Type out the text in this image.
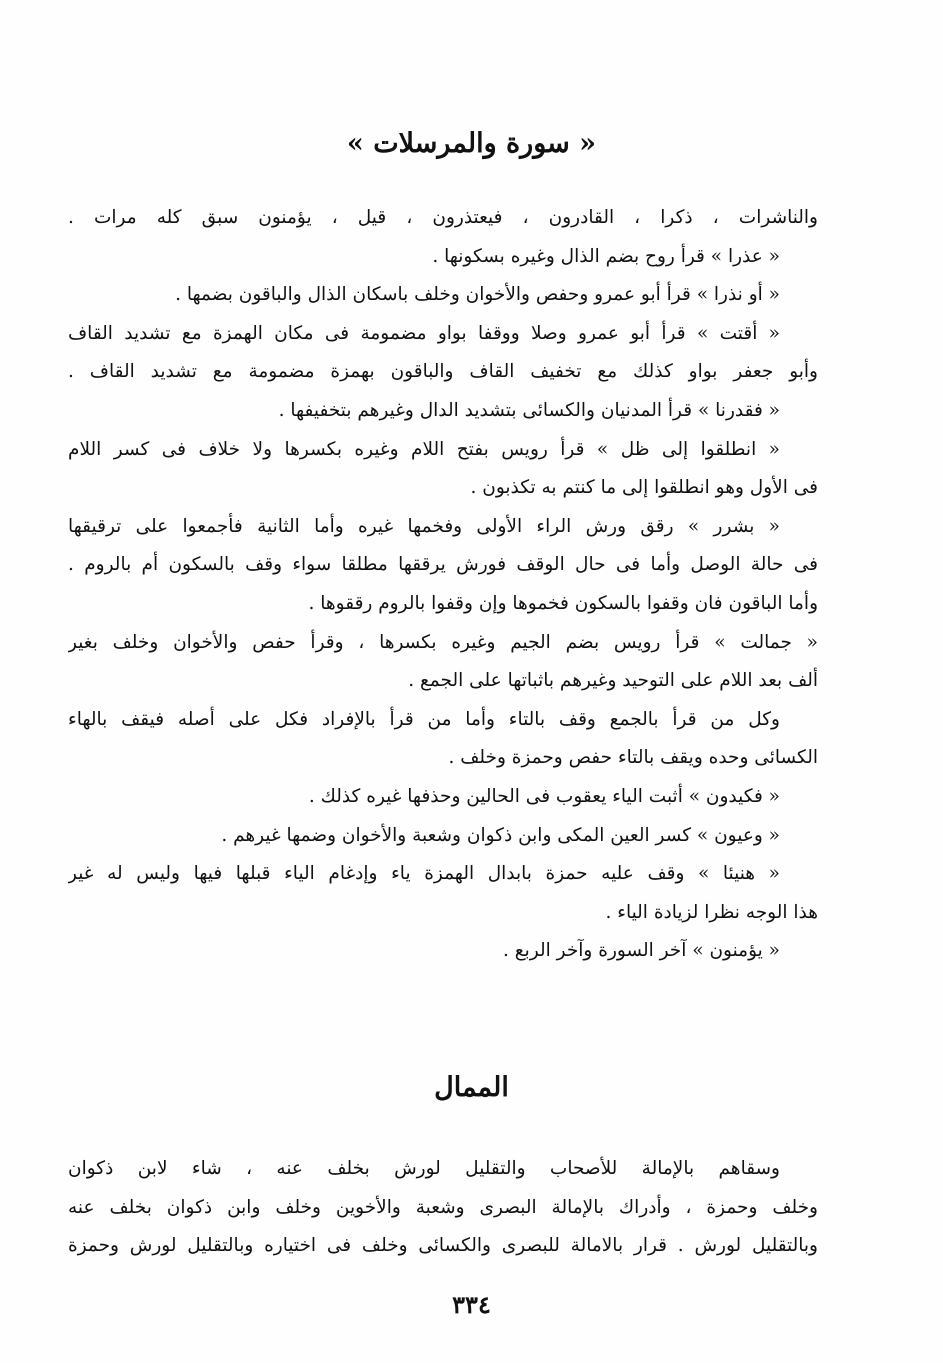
« سورة والمرسلات »
والناشرات ، ذكرا ، القادرون ، فيعتذرون ، قيل ، يؤمنون سبق كله مرات .
« عذرا » قرأ روح بضم الذال وغيره بسكونها .
« أو نذرا » قرأ أبو عمرو وحفص والأخوان وخلف باسكان الذال والباقون بضمها .
« أقتت » قرأ أبو عمرو وصلا ووقفا بواو مضمومة فى مكان الهمزة مع تشديد القاف
وأبو جعفر بواو كذلك مع تخفيف القاف والباقون بهمزة مضمومة مع تشديد القاف .
« فقدرنا » قرأ المدنيان والكسائى بتشديد الدال وغيرهم بتخفيفها .
« انطلقوا إلى ظل » قرأ رويس بفتح اللام وغيره بكسرها ولا خلاف فى كسر اللام
فى الأول وهو انطلقوا إلى ما كنتم به تكذبون .
« بشرر » رقق ورش الراء الأولى وفخمها غيره وأما الثانية فأجمعوا على ترقيقها
فى حالة الوصل وأما فى حال الوقف فورش يرققها مطلقا سواء وقف بالسكون أم بالروم .
وأما الباقون فان وقفوا بالسكون فخموها وإن وقفوا بالروم رققوها .
« جمالت » قرأ رويس بضم الجيم وغيره بكسرها ، وقرأ حفص والأخوان وخلف بغير
ألف بعد اللام على التوحيد وغيرهم باثباتها على الجمع .
وكل من قرأ بالجمع وقف بالتاء وأما من قرأ بالإفراد فكل على أصله فيقف بالهاء
الكسائى وحده ويقف بالتاء حفص وحمزة وخلف .
« فكيدون » أثبت الياء يعقوب فى الحالين وحذفها غيره كذلك .
« وعيون » كسر العين المكى وابن ذكوان وشعبة والأخوان وضمها غيرهم .
« هنيئا » وقف عليه حمزة بابدال الهمزة ياء وإدغام الياء قبلها فيها وليس له غير
هذا الوجه نظرا لزيادة الياء .
« يؤمنون » آخر السورة وآخر الربع .
الممال
وسقاهم بالإمالة للأصحاب والتقليل لورش بخلف عنه ، شاء لابن ذكوان
وخلف وحمزة ، وأدراك بالإمالة البصرى وشعبة والأخوين وخلف وابن ذكوان بخلف عنه
وبالتقليل لورش . قرار بالامالة للبصرى والكسائى وخلف فى اختياره وبالتقليل لورش وحمزة
٣٣٤
